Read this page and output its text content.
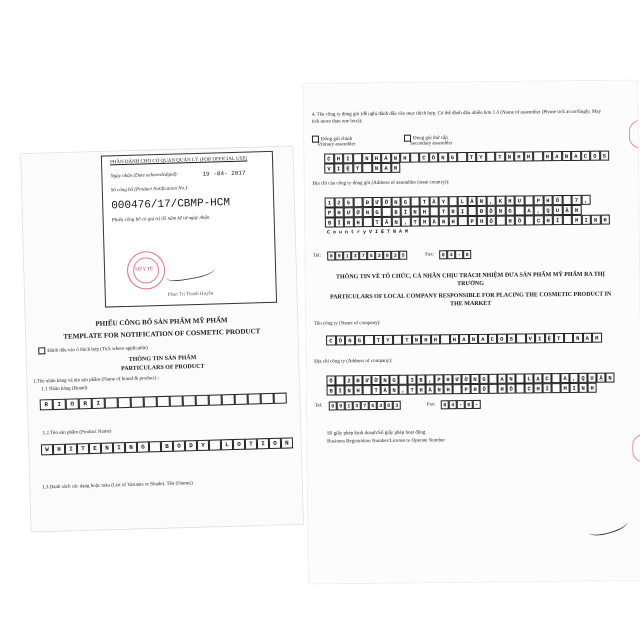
PHẦN DÀNH CHO CƠ QUAN QUẢN LÝ (FOR OFFICIAL USE)
Ngày nhận (Date acknowledged):	19 -04- 2017
Số công bố (Product Notification No.):
000476/17/CBMP-HCM
Phiếu công bố có giá trị 05 năm kể từ ngày nhận.
SỞ Y TẾ
Phan Tri Thanh Huyền
PHIẾU CÔNG BỐ SẢN PHẨM MỸ PHẨM
TEMPLATE FOR NOTIFICATION OF COSMETIC PRODUCT
Đánh dấu vào ô thích hợp (Tick where applicable)
THÔNG TIN SẢN PHẨM
PARTICULARS OF PRODUCT
1.Tên nhãn hàng và tên sản phẩm (Name of brand & product) :
1.1 Nhãn hàng (Brand)
R	I	O	R	I
1.2.Tên sản phẩm (Product Name)
W	H	I	T	E	N	I	N	G	B	O	D	Y	L	O	T	I	O	N
1.3.Danh sách các dạng hoặc màu (List of Variants or Shade). Tên (Names)
4. Tên công ty đóng gói (đề nghị đánh dấu vào mục thích hợp. Có thể đánh dấu nhiều hơn 1 ô (Name of assembler (Please tick accordingly. May tick more than one box)):
Đóng gói chính
Primary assembler
Đóng gói thứ cấp
Secondary assembler
C	H	I	N	H	Á	N	H	C	Ô	N	G	T	Y	T	N	H	H	H	A	N	A	C	O	S
V	I	Ệ	T	N	A	M
Địa chỉ của công ty đóng gói (Address of assembler (state country)):
1	2	5	Đ	Ư	Ờ	N	G	T	Â	Y	L	Â	N	,	K	H	U	P	H	Ố	7	,
P	H	Ư	Ờ	N	G	B	Ì	N	H	T	R	Ị	Đ	Ô	N	G	A	,	Q	U	Ậ	N
B	Ì	N	H	T	Â	N	,	T	H	À	N	H	P	H	Ố	H	Ồ	C	H	Í	M	I	N	H
C o u n t r y V I Ệ T N A M
Tel:	0 9 1 3 7 5 3 0 3 5	Fax:	8 4 - 8
THÔNG TIN VỀ TỔ CHỨC, CÁ NHÂN CHỊU TRÁCH NHIỆM ĐƯA SẢN PHẨM MỸ PHẨM RA THỊ TRƯỜNG
PARTICULARS OF LOCAL COMPANY RESPONSIBLE FOR PLACING THE COSMETIC PRODUCT IN THE MARKET
Tên công ty (Name of company):
C	Ô	N	G	T	Y	T	N	H	H	H	A	N	A	C	O	S	V	I	Ệ	T	N	A	M
Địa chỉ công ty (Address of company):
Ô	2	Đ	Ư	Ờ	N	G	3	B	,	P	H	Ư	Ờ	N	G	A	N	L	Ạ	C	A	,	Q	U	Ậ	N
B	Ì	N	H	T	Â	N	,	T	H	À	N	H	P	H	Ố	H	Ồ	C	H	Í	M	I	N	H
Tel:	0 9 1 3 7 5 3 0 3	Fax:	8 4 - 8 -
Số giấy phép kinh doanh/Số giấy phép hoạt động
Business Registration Number/License to Operate Number
